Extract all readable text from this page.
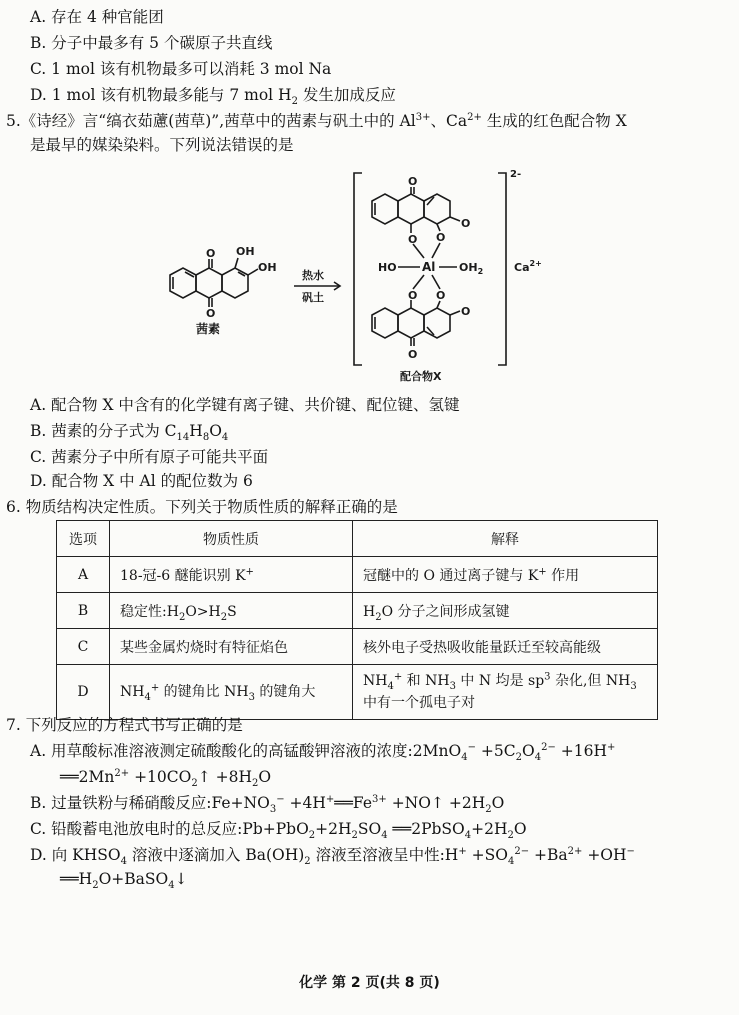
A. 存在 4 种官能团
B. 分子中最多有 5 个碳原子共直线
C. 1 mol 该有机物最多可以消耗 3 mol Na
D. 1 mol 该有机物最多能与 7 mol $H_2$ 发生加成反应
5.《诗经》言“缟衣茹藘(茜草)”,茜草中的茜素与矾土中的 $Al^{3+}$、$Ca^{2+}$ 生成的红色配合物 X
是最早的媒染染料。下列说法错误的是
O
O
OH
OH
茜素
热水
矾土
2-
$Ca^{2+}$
O
O O
O
Al
HO	$OH_2$
O O
O
O
配合物X
A. 配合物 X 中含有的化学键有离子键、共价键、配位键、氢键
B. 茜素的分子式为 $C_{14}H_8O_4$
C. 茜素分子中所有原子可能共平面
D. 配合物 X 中 Al 的配位数为 6
6. 物质结构决定性质。下列关于物质性质的解释正确的是
选项	物质性质	解释
A	18-冠-6 醚能识别 K+	冠醚中的 O 通过离子键与 K+ 作用
B	稳定性$:H_2O>H_2S$	$H_2O$ 分子之间形成氢键
C	某些金属灼烧时有特征焰色	核外电子受热吸收能量跃迁至较高能级
D	$NH_4^+$ 的键角比 $NH_3$ 的键角大	$NH_4^+$ 和 $NH_3$ 中 N 均是 $sp^3$ 杂化,但 $NH_3$
中有一个孤电子对
7. 下列反应的方程式书写正确的是
A. 用草酸标准溶液测定硫酸酸化的高锰酸钾溶液的浓度:2MnO$_4$− $+5C_2O_4^{2-} +16H^+$
$══2Mn^{2+}$ $+10CO_2↑ +8H_2O$
B. 过量铁粉与稀硝酸反应$:Fe+NO_3^-$ $+4H^+══Fe^{3+}$ +NO↑ $+2H_2O$
C. 铅酸蓄电池放电时的总反应$:Pb+PbO_2+2H_2SO_4$ $══2PbSO_4+2H_2O$
D. 向 $KHSO_4$ 溶液中逐滴加入 $Ba(OH)_2$ 溶液至溶液呈中性:H+ $+SO_4^{2-} +Ba^{2+} +OH^-$
$══H_2O+BaSO_4↓$
化学 第 2 页(共 8 页)
